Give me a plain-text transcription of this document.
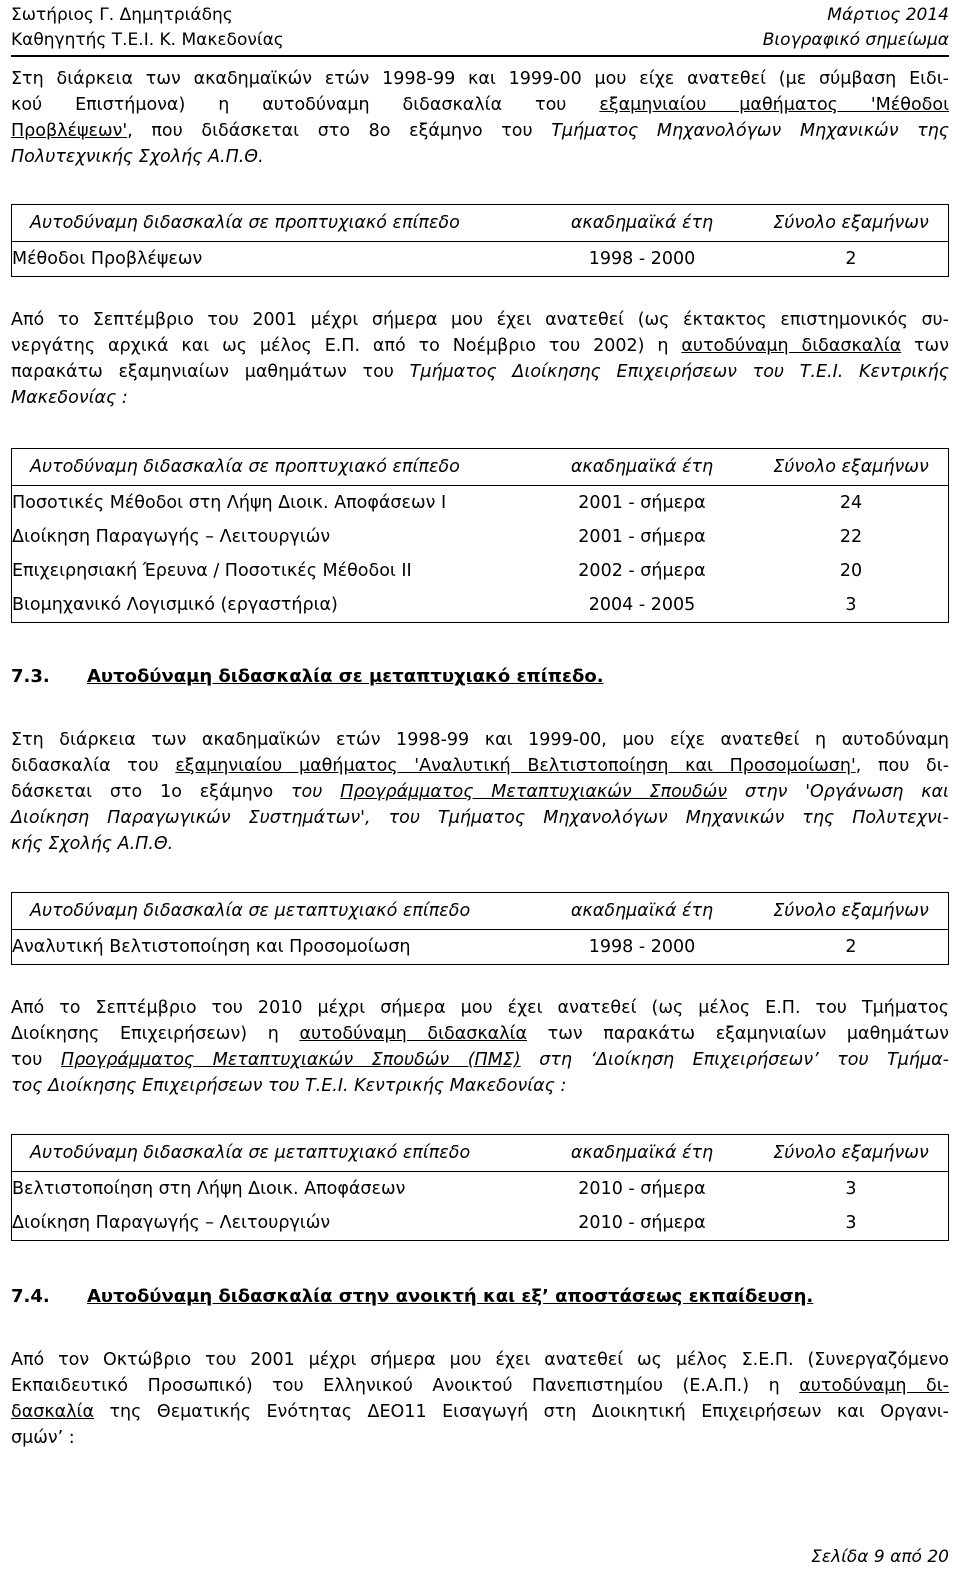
Σωτήριος Γ. Δημητριάδης
Καθηγητής Τ.Ε.Ι. Κ. Μακεδονίας
Μάρτιος 2014
Βιογραφικό σημείωμα
Στη διάρκεια των ακαδημαϊκών ετών 1998-99 και 1999-00 μου είχε ανατεθεί (με σύμβαση Ειδι-
κού Επιστήμονα) η αυτοδύναμη διδασκαλία του εξαμηνιαίου μαθήματος 'Μέθοδοι
Προβλέψεων', που διδάσκεται στο 8ο εξάμηνο του Τμήματος Μηχανολόγων Μηχανικών της
Πολυτεχνικής Σχολής Α.Π.Θ.
Αυτοδύναμη διδασκαλία σε προπτυχιακό επίπεδο	ακαδημαϊκά έτη	Σύνολο εξαμήνων
Μέθοδοι Προβλέψεων	1998 - 2000	2
Από το Σεπτέμβριο του 2001 μέχρι σήμερα μου έχει ανατεθεί (ως έκτακτος επιστημονικός συ-
νεργάτης αρχικά και ως μέλος Ε.Π. από το Νοέμβριο του 2002) η αυτοδύναμη διδασκαλία των
παρακάτω εξαμηνιαίων μαθημάτων του Τμήματος Διοίκησης Επιχειρήσεων του Τ.Ε.Ι. Κεντρικής
Μακεδονίας :
Αυτοδύναμη διδασκαλία σε προπτυχιακό επίπεδο	ακαδημαϊκά έτη	Σύνολο εξαμήνων
Ποσοτικές Μέθοδοι στη Λήψη Διοικ. Αποφάσεων Ι	2001 - σήμερα	24
Διοίκηση Παραγωγής – Λειτουργιών	2001 - σήμερα	22
Επιχειρησιακή Έρευνα / Ποσοτικές Μέθοδοι ΙΙ	2002 - σήμερα	20
Βιομηχανικό Λογισμικό (εργαστήρια)	2004 - 2005	3
7.3. Αυτοδύναμη διδασκαλία σε μεταπτυχιακό επίπεδο.
Στη διάρκεια των ακαδημαϊκών ετών 1998-99 και 1999-00, μου είχε ανατεθεί η αυτοδύναμη
διδασκαλία του εξαμηνιαίου μαθήματος 'Αναλυτική Βελτιστοποίηση και Προσομοίωση', που δι-
δάσκεται στο 1ο εξάμηνο του Προγράμματος Μεταπτυχιακών Σπουδών στην 'Οργάνωση και
Διοίκηση Παραγωγικών Συστημάτων', του Τμήματος Μηχανολόγων Μηχανικών της Πολυτεχνι-
κής Σχολής Α.Π.Θ.
Αυτοδύναμη διδασκαλία σε μεταπτυχιακό επίπεδο	ακαδημαϊκά έτη	Σύνολο εξαμήνων
Αναλυτική Βελτιστοποίηση και Προσομοίωση	1998 - 2000	2
Από το Σεπτέμβριο του 2010 μέχρι σήμερα μου έχει ανατεθεί (ως μέλος Ε.Π. του Τμήματος
Διοίκησης Επιχειρήσεων) η αυτοδύναμη διδασκαλία των παρακάτω εξαμηνιαίων μαθημάτων
του Προγράμματος Μεταπτυχιακών Σπουδών (ΠΜΣ) στη ‘Διοίκηση Επιχειρήσεων’ του Τμήμα-
τος Διοίκησης Επιχειρήσεων του Τ.Ε.Ι. Κεντρικής Μακεδονίας :
Αυτοδύναμη διδασκαλία σε μεταπτυχιακό επίπεδο	ακαδημαϊκά έτη	Σύνολο εξαμήνων
Βελτιστοποίηση στη Λήψη Διοικ. Αποφάσεων	2010 - σήμερα	3
Διοίκηση Παραγωγής – Λειτουργιών	2010 - σήμερα	3
7.4. Αυτοδύναμη διδασκαλία στην ανοικτή και εξ’ αποστάσεως εκπαίδευση.
Από τον Οκτώβριο του 2001 μέχρι σήμερα μου έχει ανατεθεί ως μέλος Σ.Ε.Π. (Συνεργαζόμενο
Εκπαιδευτικό Προσωπικό) του Ελληνικού Ανοικτού Πανεπιστημίου (Ε.Α.Π.) η αυτοδύναμη δι-
δασκαλία της Θεματικής Ενότητας ΔΕΟ11 Εισαγωγή στη Διοικητική Επιχειρήσεων και Οργανι-
σμών’ :
Σελίδα 9 από 20
